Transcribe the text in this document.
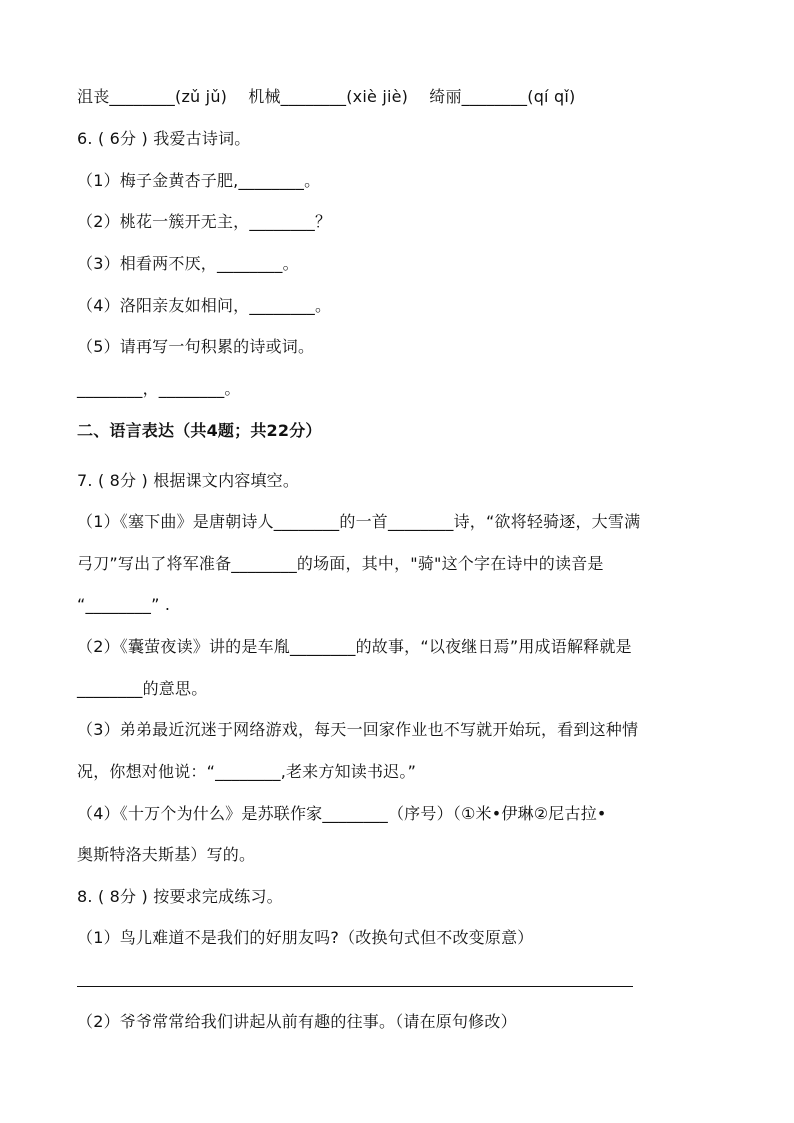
沮丧________(zǔ jǔ)    机械________(xiè jiè)    绮丽________(qí qǐ)
6. ( 6分 ) 我爱古诗词。
（1）梅子金黄杏子肥,________。
（2）桃花一簇开无主，________？
（3）相看两不厌，________。
（4）洛阳亲友如相问，________。
（5）请再写一句积累的诗或词。
________，________。
二、语言表达（共4题；共22分）
7. ( 8分 ) 根据课文内容填空。
（1）《塞下曲》是唐朝诗人________的一首________诗，“欲将轻骑逐，大雪满
弓刀”写出了将军准备________的场面，其中，"骑"这个字在诗中的读音是
“________” .
（2）《囊萤夜读》讲的是车胤________的故事，“以夜继日焉”用成语解释就是
________的意思。
（3）弟弟最近沉迷于网络游戏，每天一回家作业也不写就开始玩，看到这种情
况，你想对他说：“________,老来方知读书迟。”
（4）《十万个为什么》是苏联作家________（序号）（①米•伊琳②尼古拉•
奥斯特洛夫斯基）写的。
8. ( 8分 ) 按要求完成练习。
（1）鸟儿难道不是我们的好朋友吗?（改换句式但不改变原意）
（2）爷爷常常给我们讲起从前有趣的往事。（请在原句修改）
